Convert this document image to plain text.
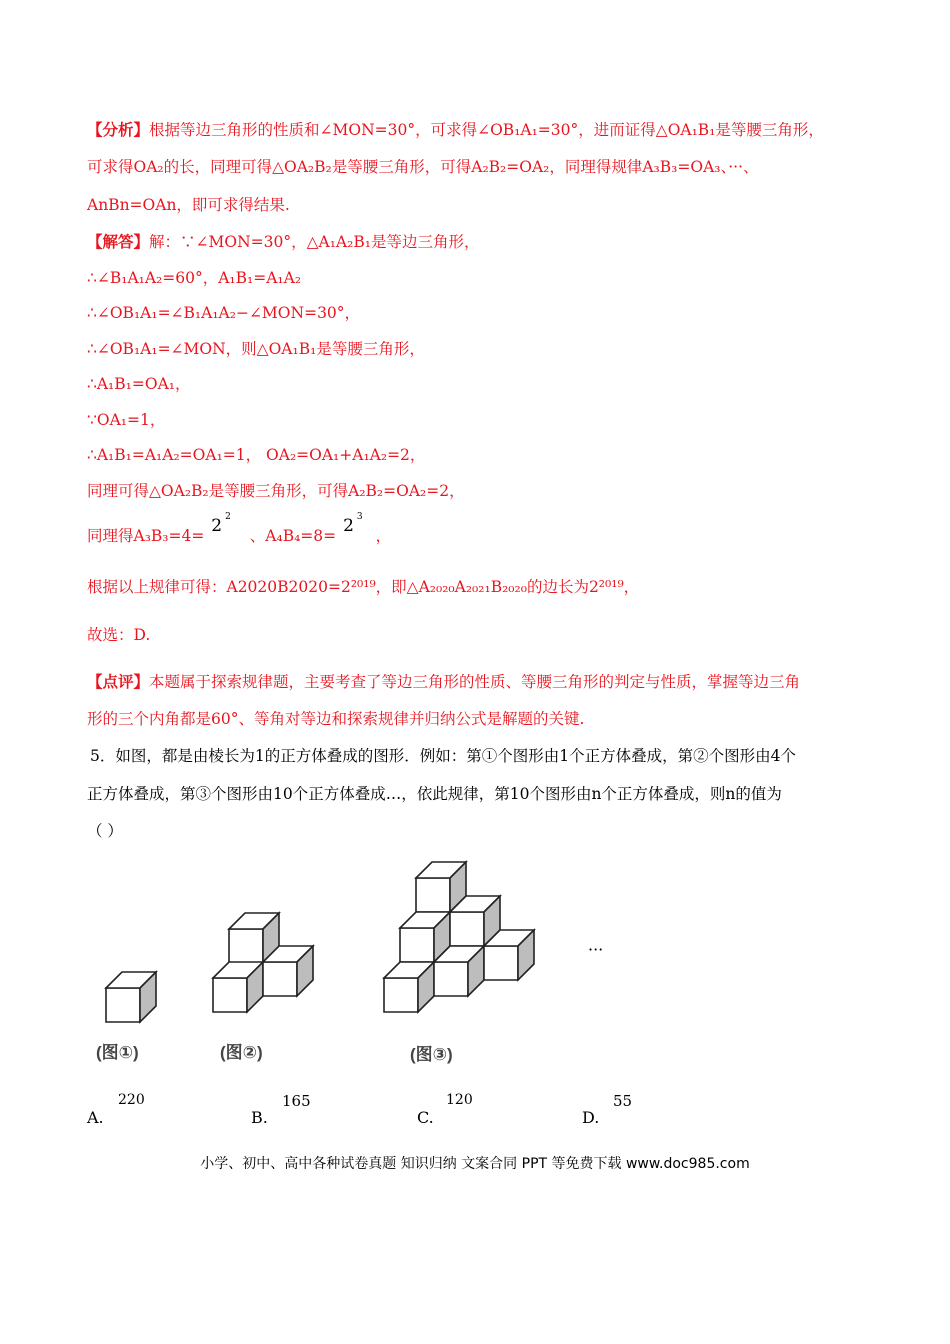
【分析】根据等边三角形的性质和∠MON=30°，可求得∠OB₁A₁=30°，进而证得△OA₁B₁是等腰三角形，
可求得OA₂的长，同理可得△OA₂B₂是等腰三角形，可得A₂B₂=OA₂，同理得规律A₃B₃=OA₃、···、
AnBn=OAn，即可求得结果.
【解答】解：∵∠MON=30°，△A₁A₂B₁是等边三角形，
∴∠B₁A₁A₂=60°，A₁B₁=A₁A₂
∴∠OB₁A₁=∠B₁A₁A₂−∠MON=30°，
∴∠OB₁A₁=∠MON，则△OA₁B₁是等腰三角形，
∴A₁B₁=OA₁，
∵OA₁=1，
∴A₁B₁=A₁A₂=OA₁=1， OA₂=OA₁+A₁A₂=2，
同理可得△OA₂B₂是等腰三角形，可得A₂B₂=OA₂=2，
同理得A₃B₃=4= 2 $^2$ 、A₄B₄=8= 2 $^3$ ，
根据以上规律可得：A2020B2020=2²⁰¹⁹，即△A₂₀₂₀A₂₀₂₁B₂₀₂₀的边长为2²⁰¹⁹，
故选：D.
【点评】本题属于探索规律题，主要考查了等边三角形的性质、等腰三角形的判定与性质，掌握等边三角
形的三个内角都是60°、等角对等边和探索规律并归纳公式是解题的关键.
5．如图，都是由棱长为1的正方体叠成的图形．例如：第①个图形由1个正方体叠成，第②个图形由4个
正方体叠成，第③个图形由10个正方体叠成…，依此规律，第10个图形由n个正方体叠成，则n的值为
（ ）
···
(图①)	(图②)	(图③)
A.
220
B.
165
C.
120
D.
55
小学、初中、高中各种试卷真题 知识归纳 文案合同 PPT 等免费下载 www.doc985.com
